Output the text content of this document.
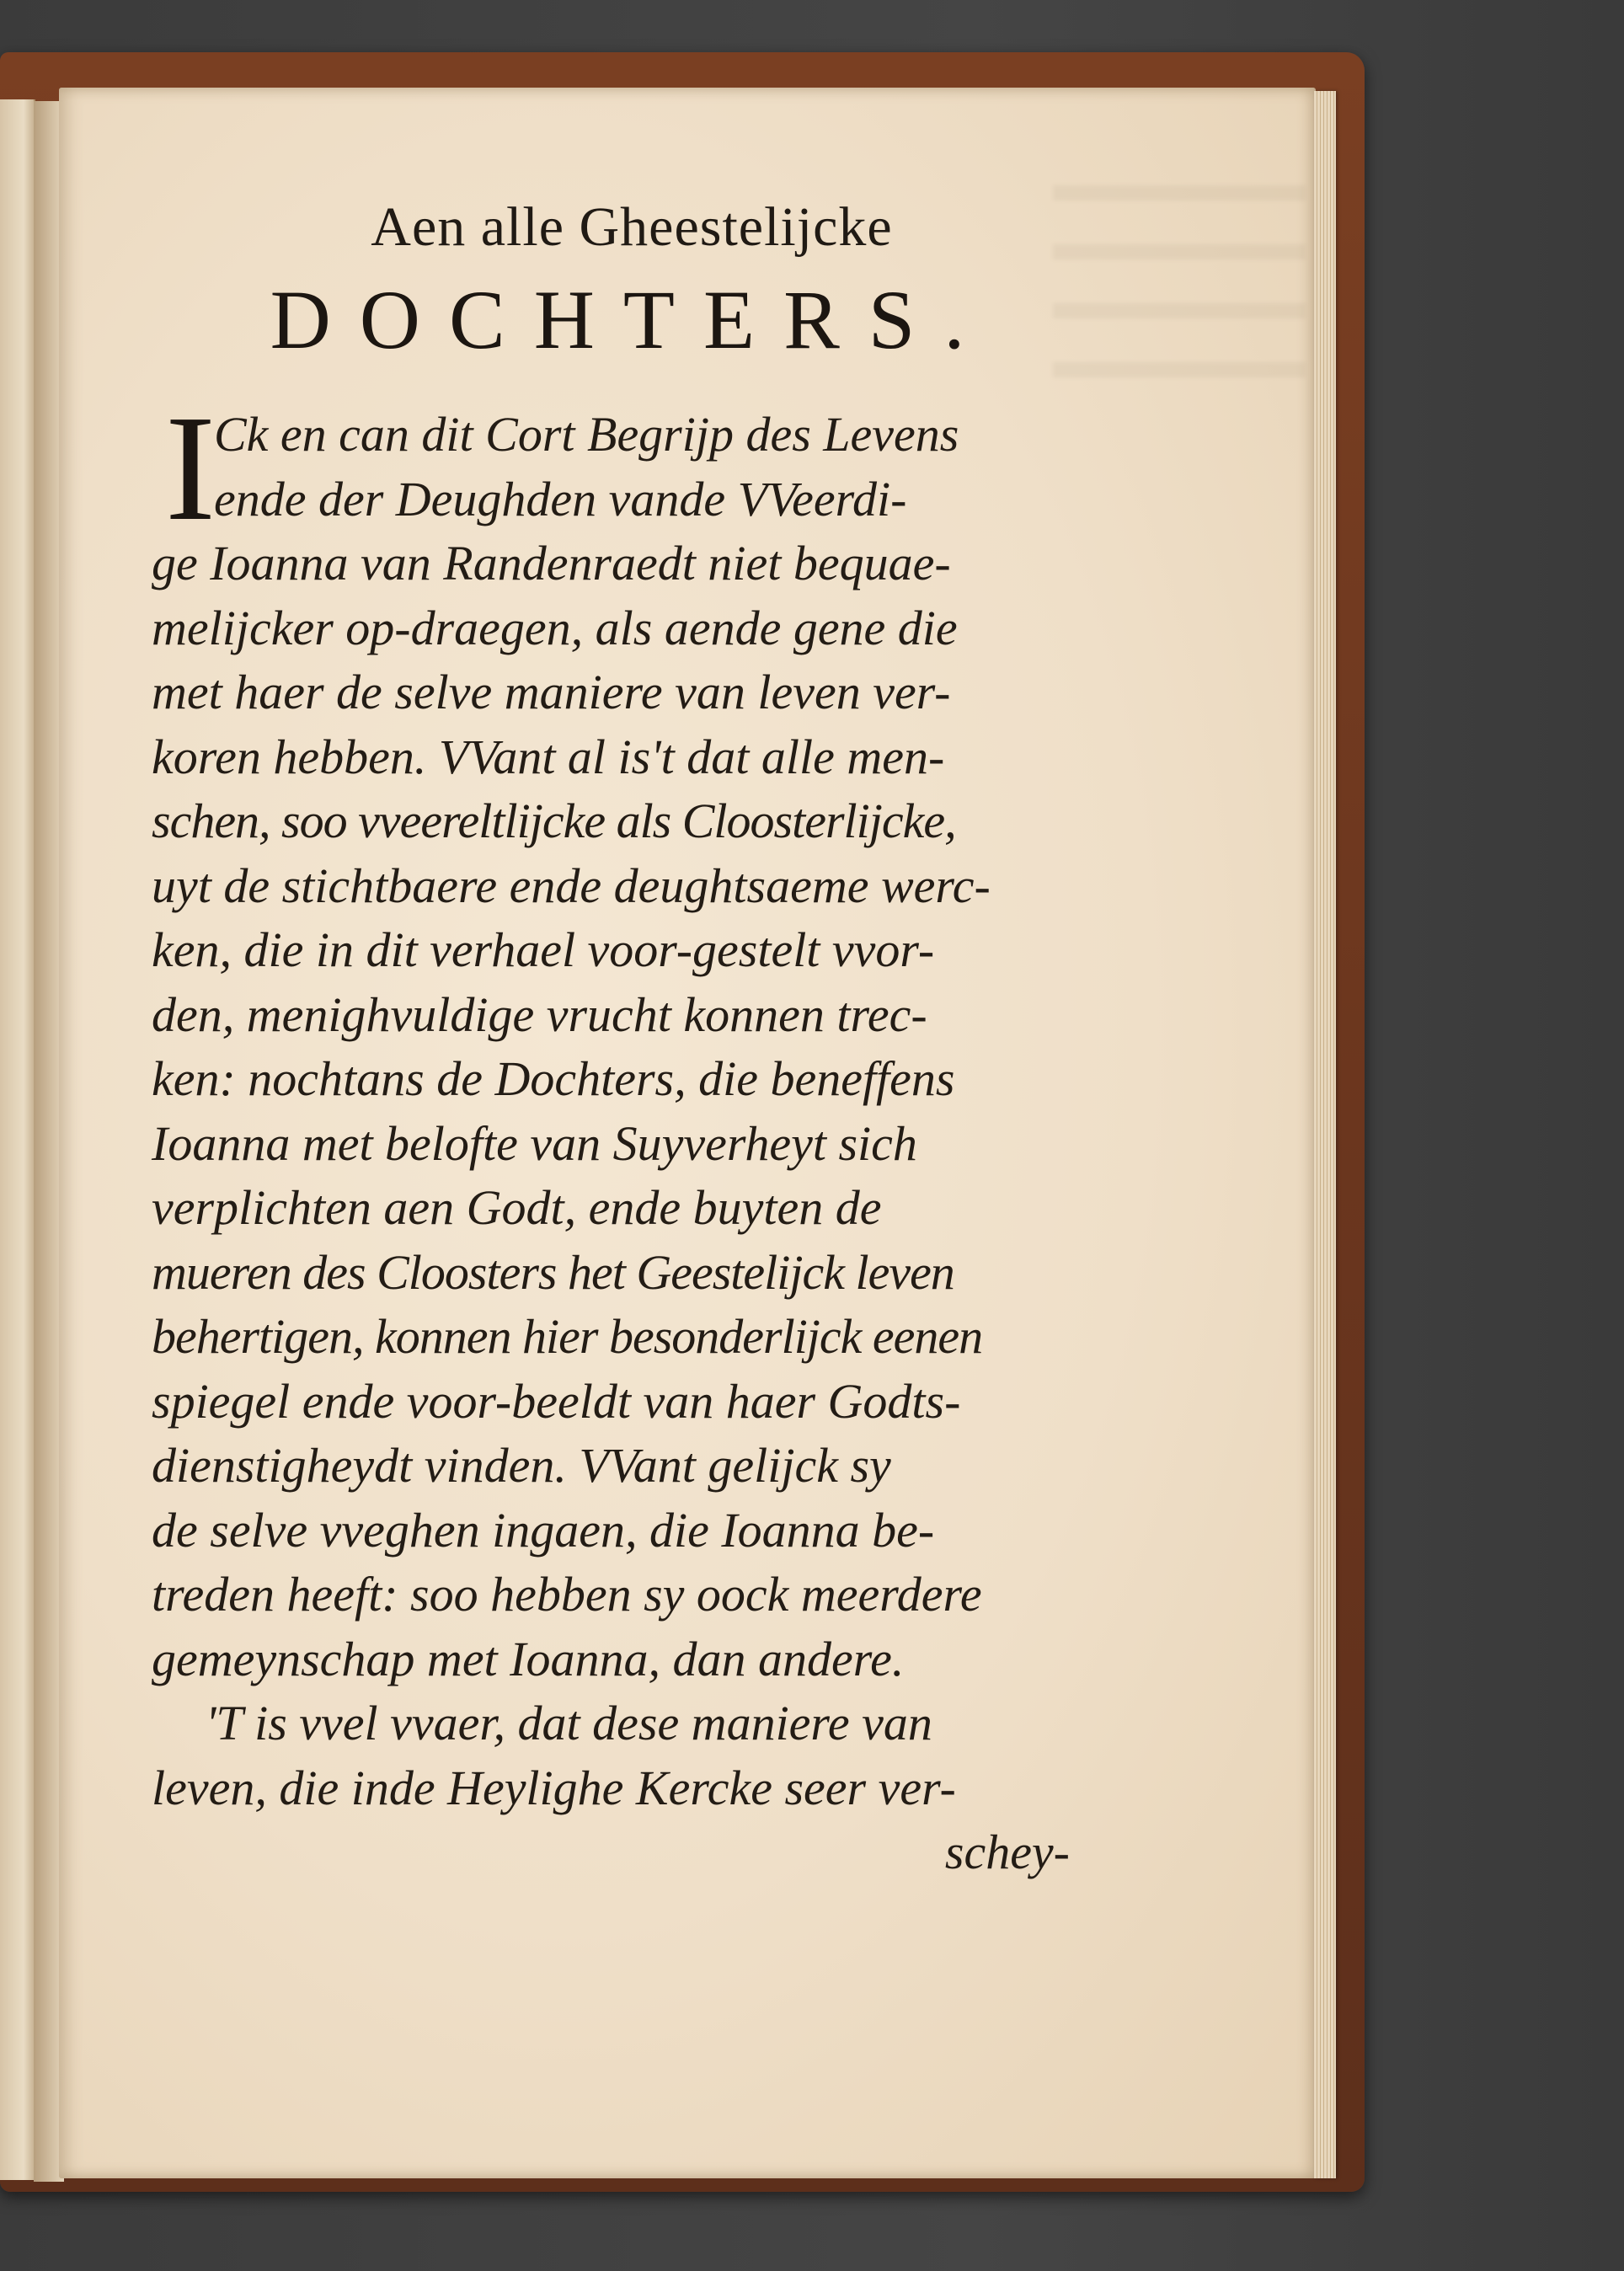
Aen alle Gheestelijcke
DOCHTERS.
I
Ck en can dit Cort Begrijp des Levens
ende der Deughden vande VVeerdi-
ge Ioanna van Randenraedt niet bequae-
melijcker op-draegen, als aende gene die
met haer de selve maniere van leven ver-
koren hebben. VVant al is't dat alle men-
schen, soo vveereltlijcke als Cloosterlijcke,
uyt de stichtbaere ende deughtsaeme werc-
ken, die in dit verhael voor-gestelt vvor-
den, menighvuldige vrucht konnen trec-
ken: nochtans de Dochters, die beneffens
Ioanna met belofte van Suyverheyt sich
verplichten aen Godt, ende buyten de
mueren des Cloosters het Geestelijck leven
behertigen, konnen hier besonderlijck eenen
spiegel ende voor-beeldt van haer Godts-
dienstigheydt vinden. VVant gelijck sy
de selve vveghen ingaen, die Ioanna be-
treden heeft: soo hebben sy oock meerdere
gemeynschap met Ioanna, dan andere.
'T is vvel vvaer, dat dese maniere van
leven, die inde Heylighe Kercke seer ver-
schey-
